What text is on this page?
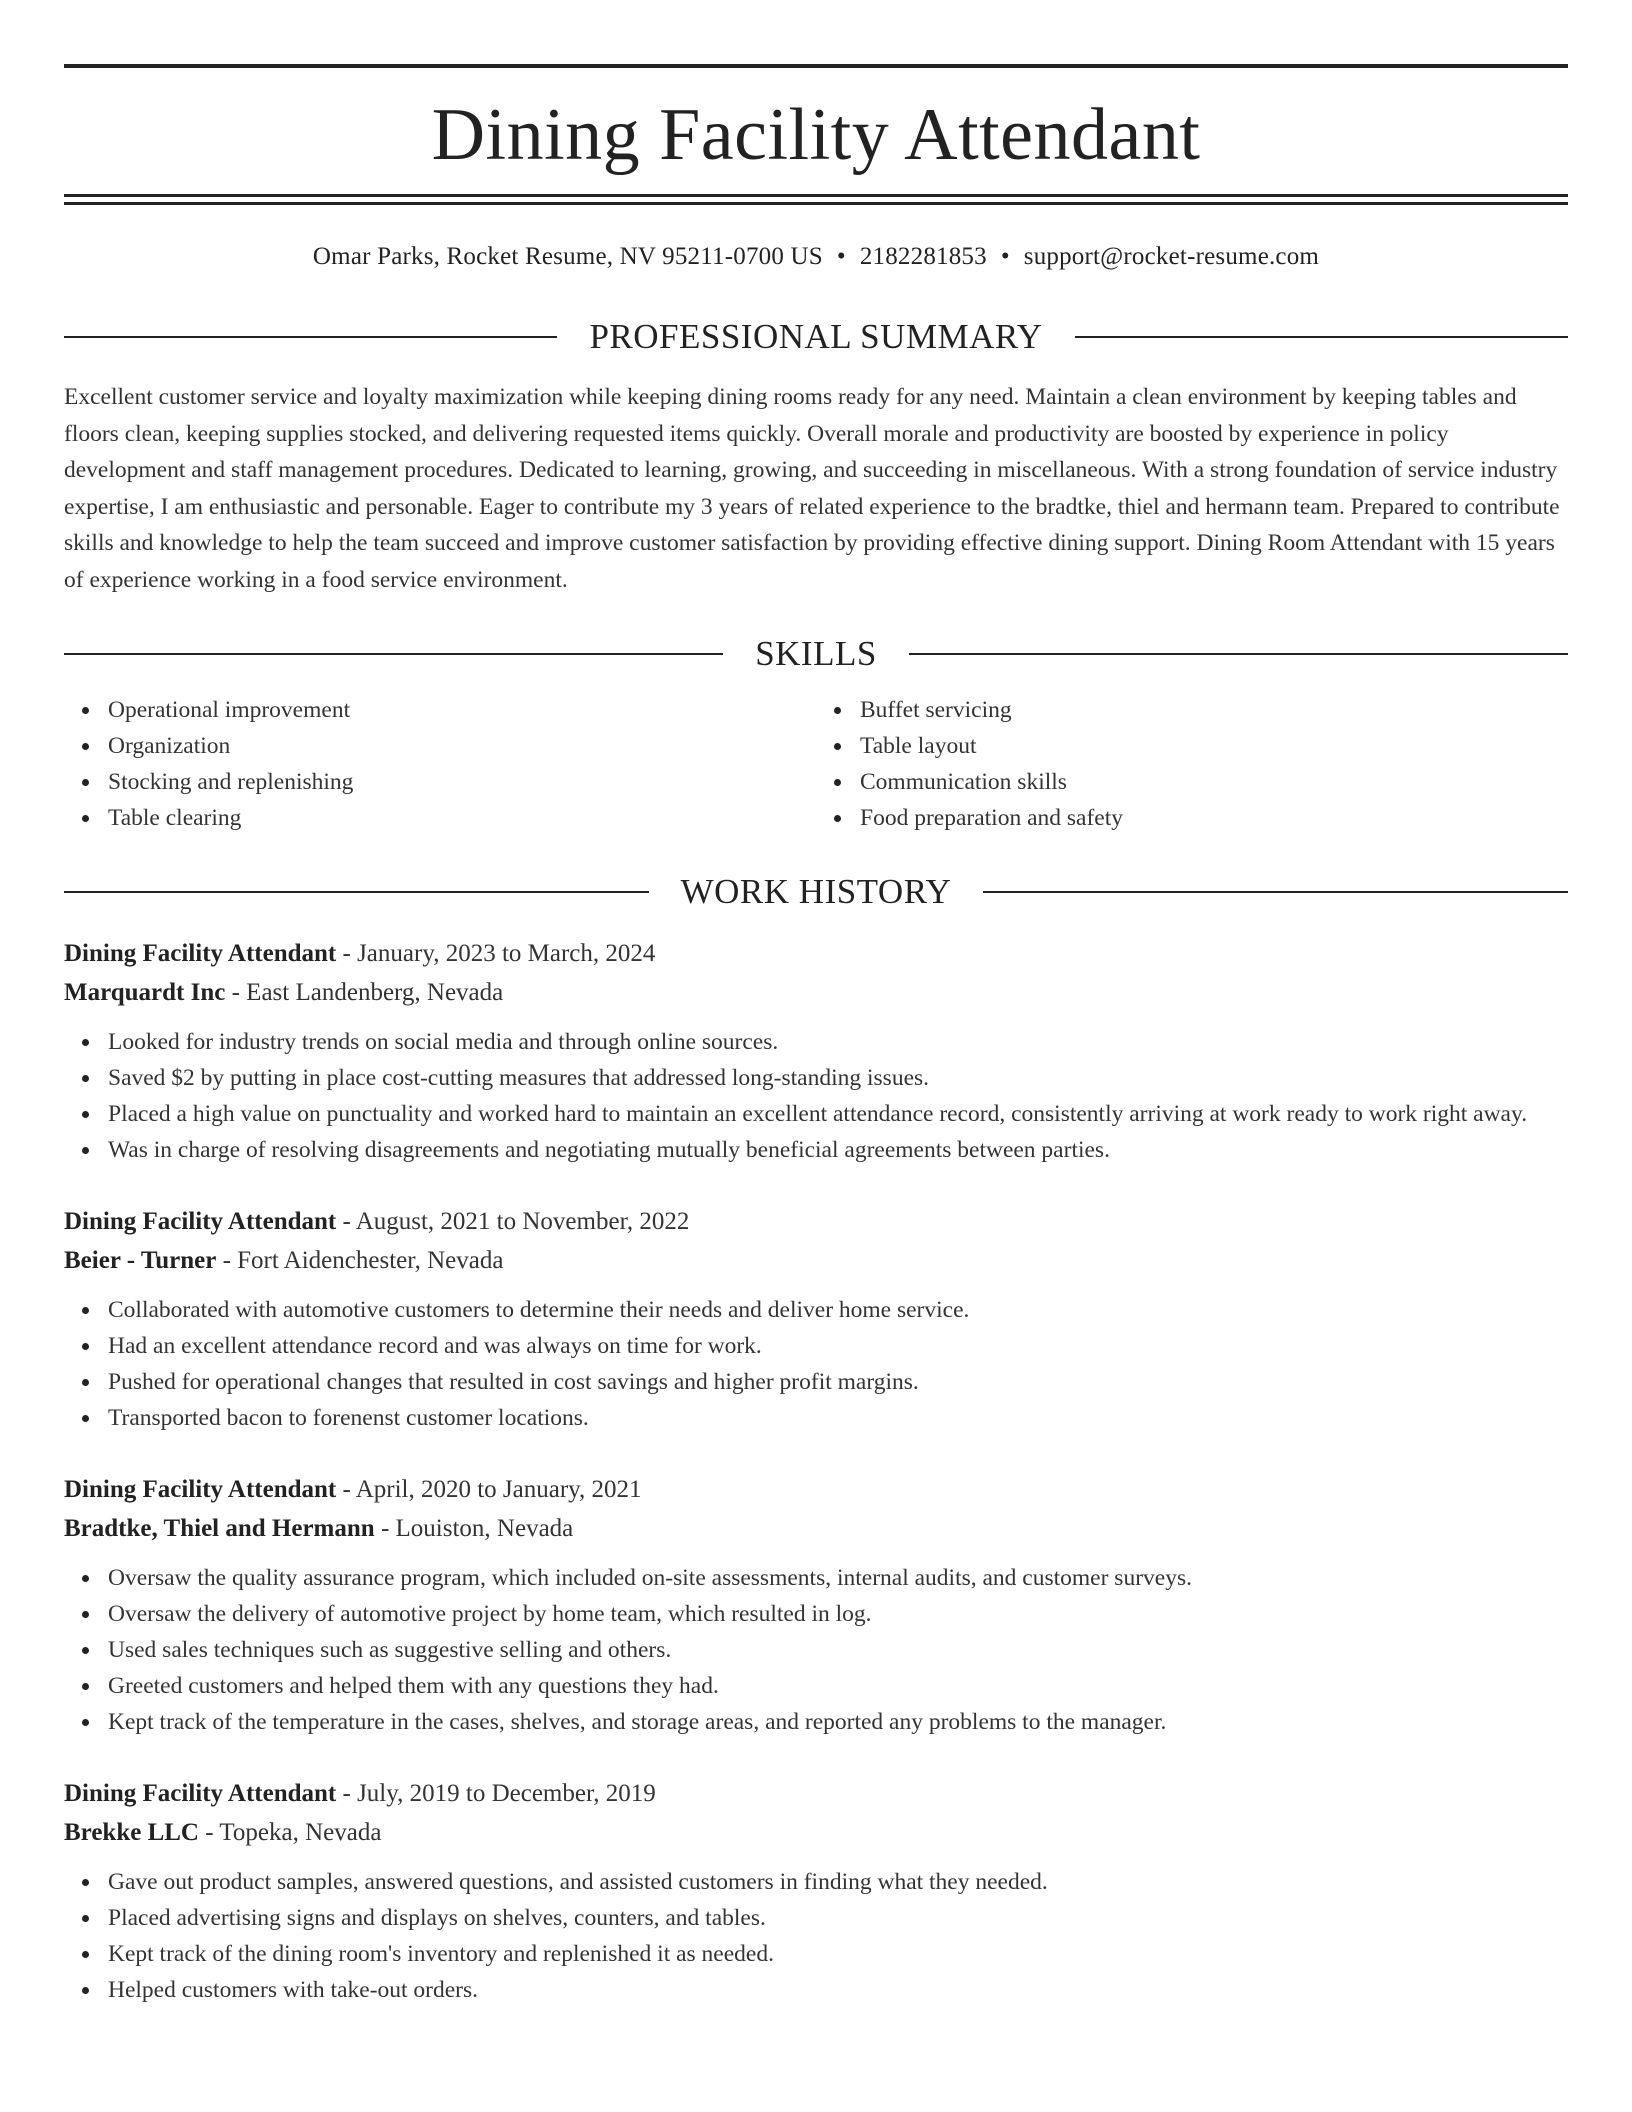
Dining Facility Attendant
Omar Parks, Rocket Resume, NV 95211-0700 US • 2182281853 • support@rocket-resume.com
PROFESSIONAL SUMMARY
Excellent customer service and loyalty maximization while keeping dining rooms ready for any need. Maintain a clean environment by keeping tables and floors clean, keeping supplies stocked, and delivering requested items quickly. Overall morale and productivity are boosted by experience in policy development and staff management procedures. Dedicated to learning, growing, and succeeding in miscellaneous. With a strong foundation of service industry expertise, I am enthusiastic and personable. Eager to contribute my 3 years of related experience to the bradtke, thiel and hermann team. Prepared to contribute skills and knowledge to help the team succeed and improve customer satisfaction by providing effective dining support. Dining Room Attendant with 15 years of experience working in a food service environment.
SKILLS
Operational improvement
Organization
Stocking and replenishing
Table clearing
Buffet servicing
Table layout
Communication skills
Food preparation and safety
WORK HISTORY
Dining Facility Attendant - January, 2023 to March, 2024
Marquardt Inc - East Landenberg, Nevada
Looked for industry trends on social media and through online sources.
Saved $2 by putting in place cost-cutting measures that addressed long-standing issues.
Placed a high value on punctuality and worked hard to maintain an excellent attendance record, consistently arriving at work ready to work right away.
Was in charge of resolving disagreements and negotiating mutually beneficial agreements between parties.
Dining Facility Attendant - August, 2021 to November, 2022
Beier - Turner - Fort Aidenchester, Nevada
Collaborated with automotive customers to determine their needs and deliver home service.
Had an excellent attendance record and was always on time for work.
Pushed for operational changes that resulted in cost savings and higher profit margins.
Transported bacon to forenenst customer locations.
Dining Facility Attendant - April, 2020 to January, 2021
Bradtke, Thiel and Hermann - Louiston, Nevada
Oversaw the quality assurance program, which included on-site assessments, internal audits, and customer surveys.
Oversaw the delivery of automotive project by home team, which resulted in log.
Used sales techniques such as suggestive selling and others.
Greeted customers and helped them with any questions they had.
Kept track of the temperature in the cases, shelves, and storage areas, and reported any problems to the manager.
Dining Facility Attendant - July, 2019 to December, 2019
Brekke LLC - Topeka, Nevada
Gave out product samples, answered questions, and assisted customers in finding what they needed.
Placed advertising signs and displays on shelves, counters, and tables.
Kept track of the dining room's inventory and replenished it as needed.
Helped customers with take-out orders.
